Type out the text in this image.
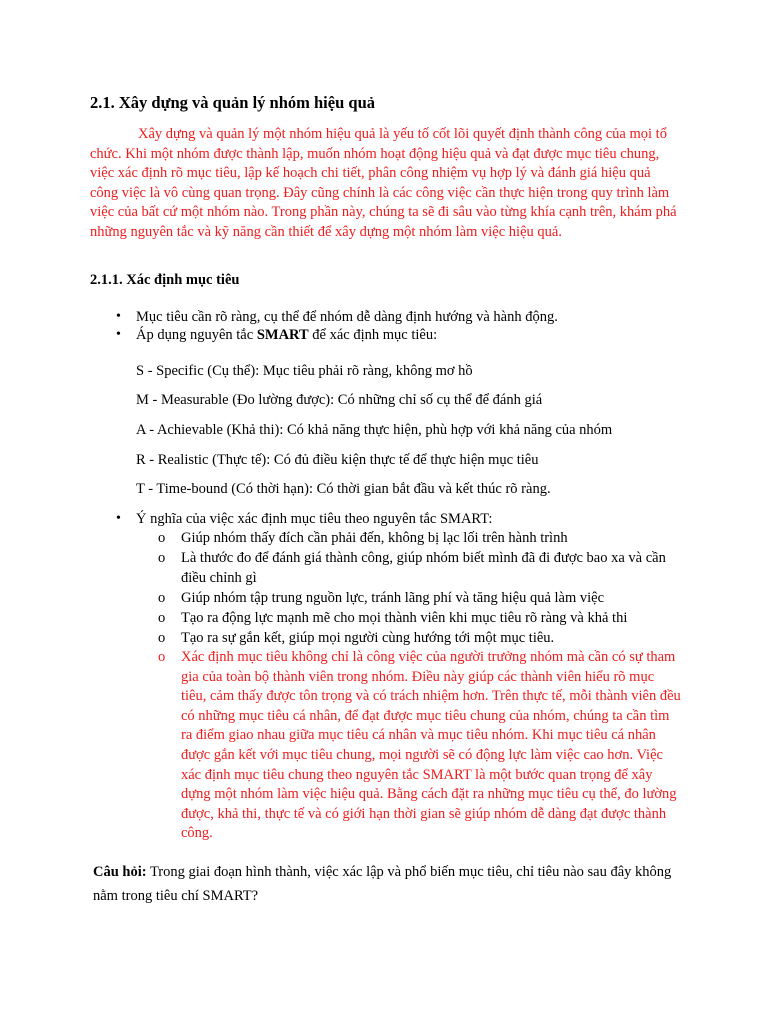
2.1. Xây dựng và quản lý nhóm hiệu quả
Xây dựng và quản lý một nhóm hiệu quả là yếu tố cốt lõi quyết định thành công của mọi tổ chức. Khi một nhóm được thành lập, muốn nhóm hoạt động hiệu quả và đạt được mục tiêu chung, việc xác định rõ mục tiêu, lập kế hoạch chi tiết, phân công nhiệm vụ hợp lý và đánh giá hiệu quả công việc là vô cùng quan trọng. Đây cũng chính là các công việc cần thực hiện trong quy trình làm việc của bất cứ một nhóm nào. Trong phần này, chúng ta sẽ đi sâu vào từng khía cạnh trên, khám phá những nguyên tắc và kỹ năng cần thiết để xây dựng một nhóm làm việc hiệu quả.
2.1.1. Xác định mục tiêu
• Mục tiêu cần rõ ràng, cụ thể để nhóm dễ dàng định hướng và hành động.
• Áp dụng nguyên tắc SMART để xác định mục tiêu:
S - Specific (Cụ thể): Mục tiêu phải rõ ràng, không mơ hồ
M - Measurable (Đo lường được): Có những chỉ số cụ thể để đánh giá
A - Achievable (Khả thi): Có khả năng thực hiện, phù hợp với khả năng của nhóm
R - Realistic (Thực tế): Có đủ điều kiện thực tế để thực hiện mục tiêu
T - Time-bound (Có thời hạn): Có thời gian bắt đầu và kết thúc rõ ràng.
• Ý nghĩa của việc xác định mục tiêu theo nguyên tắc SMART:
o Giúp nhóm thấy đích cần phải đến, không bị lạc lối trên hành trình
o Là thước đo để đánh giá thành công, giúp nhóm biết mình đã đi được bao xa và cần điều chỉnh gì
o Giúp nhóm tập trung nguồn lực, tránh lãng phí và tăng hiệu quả làm việc
o Tạo ra động lực mạnh mẽ cho mọi thành viên khi mục tiêu rõ ràng và khả thi
o Tạo ra sự gắn kết, giúp mọi người cùng hướng tới một mục tiêu.
o Xác định mục tiêu không chỉ là công việc của người trưởng nhóm mà cần có sự tham gia của toàn bộ thành viên trong nhóm. Điều này giúp các thành viên hiểu rõ mục tiêu, cảm thấy được tôn trọng và có trách nhiệm hơn. Trên thực tế, mỗi thành viên đều có những mục tiêu cá nhân, để đạt được mục tiêu chung của nhóm, chúng ta cần tìm ra điểm giao nhau giữa mục tiêu cá nhân và mục tiêu nhóm. Khi mục tiêu cá nhân được gắn kết với mục tiêu chung, mọi người sẽ có động lực làm việc cao hơn. Việc xác định mục tiêu chung theo nguyên tắc SMART là một bước quan trọng để xây dựng một nhóm làm việc hiệu quả. Bằng cách đặt ra những mục tiêu cụ thể, đo lường được, khả thi, thực tế và có giới hạn thời gian sẽ giúp nhóm dễ dàng đạt được thành công.
Câu hỏi: Trong giai đoạn hình thành, việc xác lập và phổ biến mục tiêu, chỉ tiêu nào sau đây không nằm trong tiêu chí SMART?
